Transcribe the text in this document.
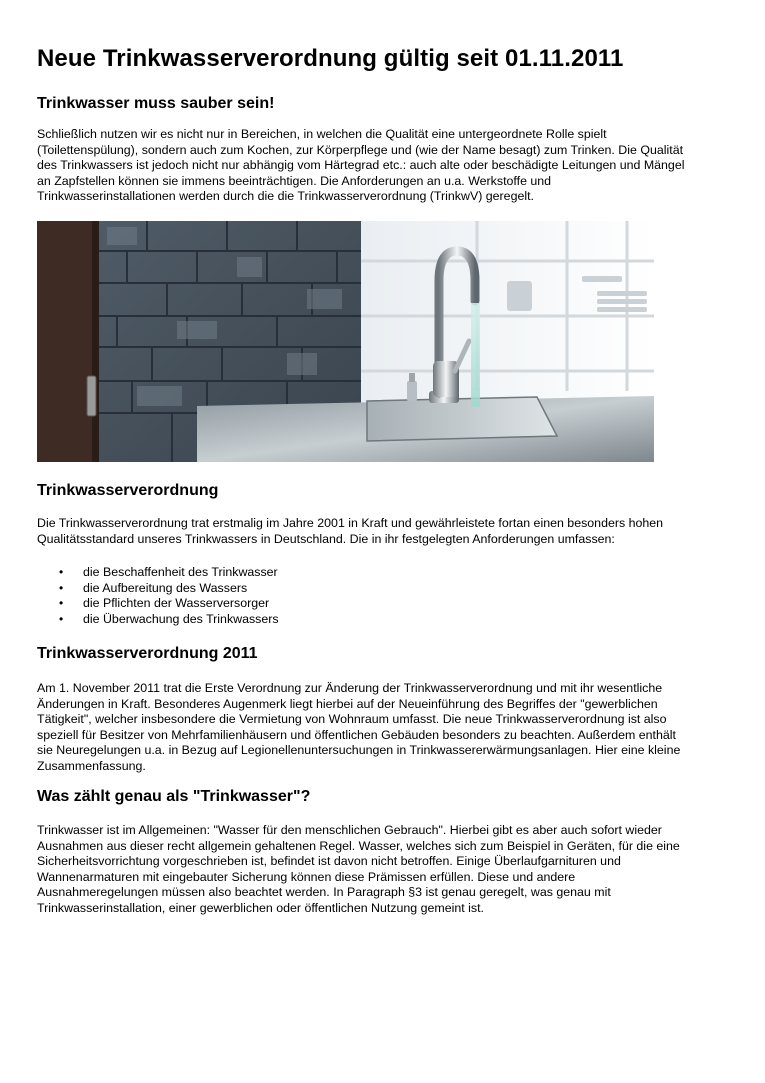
Neue Trinkwasserverordnung gültig seit 01.11.2011
Trinkwasser muss sauber sein!

Schließlich nutzen wir es nicht nur in Bereichen, in welchen die Qualität eine untergeordnete Rolle spielt
(Toilettenspülung), sondern auch zum Kochen, zur Körperpflege und (wie der Name besagt) zum Trinken. Die Qualität
des Trinkwassers ist jedoch nicht nur abhängig vom Härtegrad etc.: auch alte oder beschädigte Leitungen und Mängel
an Zapfstellen können sie immens beeinträchtigen. Die Anforderungen an u.a. Werkstoffe und
Trinkwasserinstallationen werden durch die die Trinkwasserverordnung (TrinkwV) geregelt.

Trinkwasserverordnung

Die Trinkwasserverordnung trat erstmalig im Jahre 2001 in Kraft und gewährleistete fortan einen besonders hohen
Qualitätsstandard unseres Trinkwassers in Deutschland. Die in ihr festgelegten Anforderungen umfassen:

• die Beschaffenheit des Trinkwasser
• die Aufbereitung des Wassers
• die Pflichten der Wasserversorger
• die Überwachung des Trinkwassers
Trinkwasserverordnung 2011

Am 1. November 2011 trat die Erste Verordnung zur Änderung der Trinkwasserverordnung und mit ihr wesentliche
Änderungen in Kraft. Besonderes Augenmerk liegt hierbei auf der Neueinführung des Begriffes der "gewerblichen
Tätigkeit", welcher insbesondere die Vermietung von Wohnraum umfasst. Die neue Trinkwasserverordnung ist also
speziell für Besitzer von Mehrfamilienhäusern und öffentlichen Gebäuden besonders zu beachten. Außerdem enthält
sie Neuregelungen u.a. in Bezug auf Legionellenuntersuchungen in Trinkwassererwärmungsanlagen. Hier eine kleine
Zusammenfassung.

Was zählt genau als "Trinkwasser"?

Trinkwasser ist im Allgemeinen: "Wasser für den menschlichen Gebrauch". Hierbei gibt es aber auch sofort wieder
Ausnahmen aus dieser recht allgemein gehaltenen Regel. Wasser, welches sich zum Beispiel in Geräten, für die eine
Sicherheitsvorrichtung vorgeschrieben ist, befindet ist davon nicht betroffen. Einige Überlaufgarnituren und
Wannenarmaturen mit eingebauter Sicherung können diese Prämissen erfüllen. Diese und andere
Ausnahmeregelungen müssen also beachtet werden. In Paragraph §3 ist genau geregelt, was genau mit
Trinkwasserinstallation, einer gewerblichen oder öffentlichen Nutzung gemeint ist.
